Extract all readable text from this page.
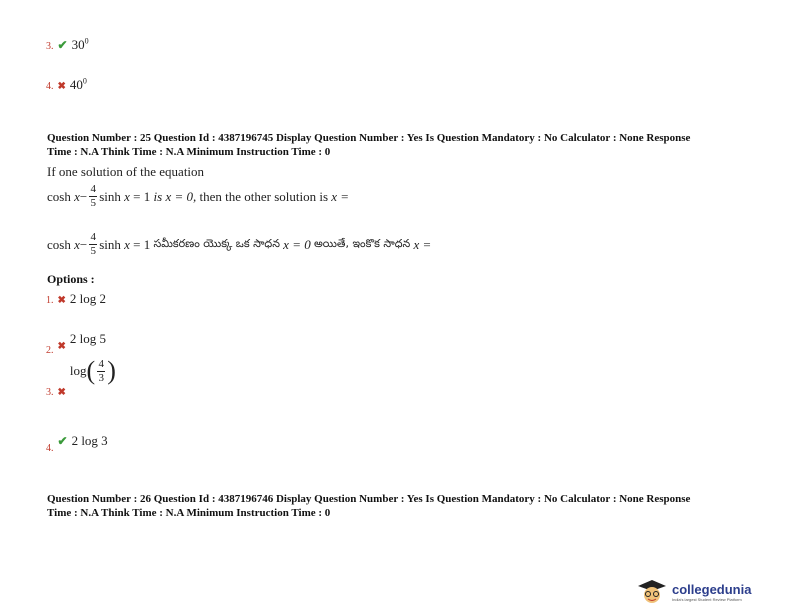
3. ✔ $30^0$
4. ✖ $40^0$
Question Number : 25 Question Id : 4387196745 Display Question Number : Yes Is Question Mandatory : No Calculator : None Response
Time : N.A Think Time : N.A Minimum Instruction Time : 0
If one solution of the equation
cosh
$x - \frac{4}{5}$ sinh
x
= 1
is
x = 0,
then the other solution is
x =
cosh
$x - \frac{4}{5}$ sinh
x
= 1
సమీకరణం యొక్క ఒక సాధన
x = 0
అయితే, ఇంకొక సాధన
x =
Options :
1. ✖ 2 log 2
$_{2.}$ $_✖$ 2 log 5
3. ✖
log ( $\frac{4}{3}$ )
$_{4.}$ ✔ 2 log 3
Question Number : 26 Question Id : 4387196746 Display Question Number : Yes Is Question Mandatory : No Calculator : None Response
Time : N.A Think Time : N.A Minimum Instruction Time : 0
collegedunia
India's largest Student Review Platform
